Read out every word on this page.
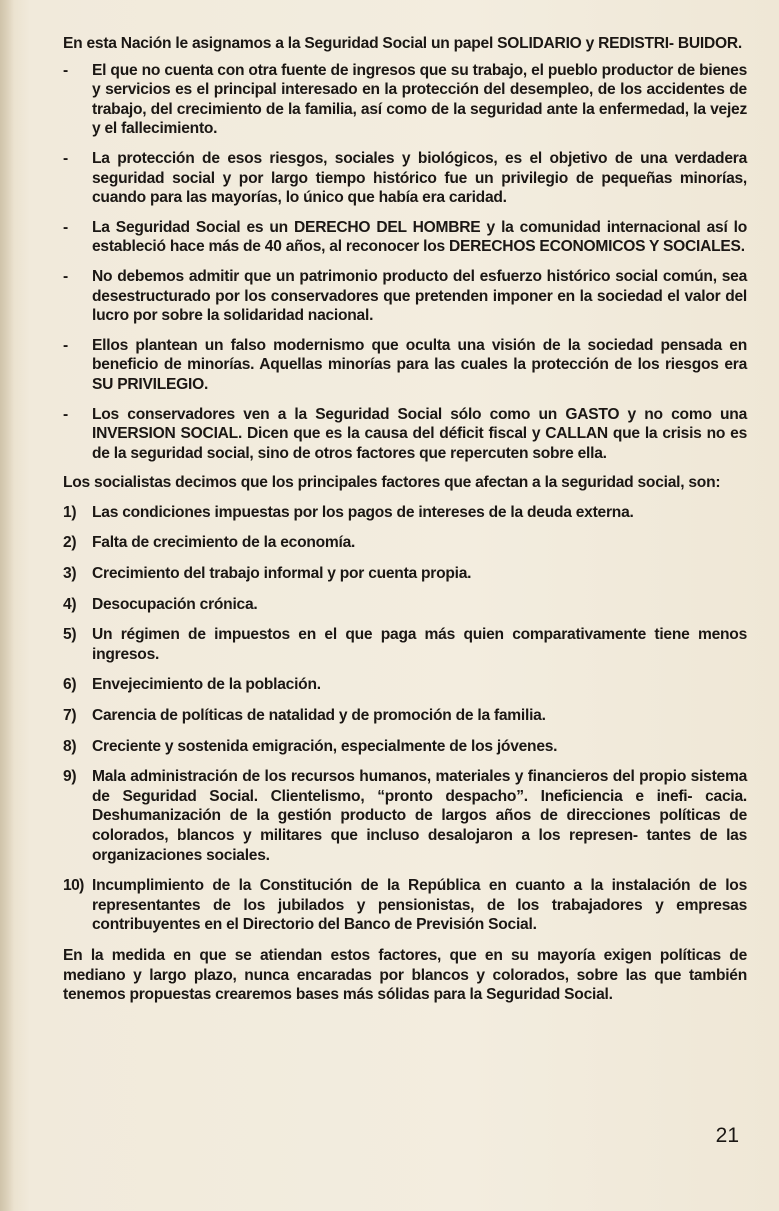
En esta Nación le asignamos a la Seguridad Social un papel SOLIDARIO y REDISTRI- BUIDOR.

-	El que no cuenta con otra fuente de ingresos que su trabajo, el pueblo productor de bienes y servicios es el principal interesado en la protección del desempleo, de los accidentes de trabajo, del crecimiento de la familia, así como de la seguridad ante la enfermedad, la vejez y el fallecimiento.
-	La protección de esos riesgos, sociales y biológicos, es el objetivo de una verdadera seguridad social y por largo tiempo histórico fue un privilegio de pequeñas minorías, cuando para las mayorías, lo único que había era caridad.
-	La Seguridad Social es un DERECHO DEL HOMBRE y la comunidad internacional así lo estableció hace más de 40 años, al reconocer los DERECHOS ECONOMICOS Y SOCIALES.
-	No debemos admitir que un patrimonio producto del esfuerzo histórico social común, sea desestructurado por los conservadores que pretenden imponer en la sociedad el valor del lucro por sobre la solidaridad nacional.
-	Ellos plantean un falso modernismo que oculta una visión de la sociedad pensada en beneficio de minorías. Aquellas minorías para las cuales la protección de los riesgos era SU PRIVILEGIO.
-	Los conservadores ven a la Seguridad Social sólo como un GASTO y no como una INVERSION SOCIAL. Dicen que es la causa del déficit fiscal y CALLAN que la crisis no es de la seguridad social, sino de otros factores que repercuten sobre ella.

Los socialistas decimos que los principales factores que afectan a la seguridad social, son:

1)	Las condiciones impuestas por los pagos de intereses de la deuda externa.
2)	Falta de crecimiento de la economía.
3)	Crecimiento del trabajo informal y por cuenta propia.
4)	Desocupación crónica.
5)	Un régimen de impuestos en el que paga más quien comparativamente tiene menos ingresos.
6)	Envejecimiento de la población.
7)	Carencia de políticas de natalidad y de promoción de la familia.
8)	Creciente y sostenida emigración, especialmente de los jóvenes.
9)	Mala administración de los recursos humanos, materiales y financieros del propio sistema de Seguridad Social. Clientelismo, “pronto despacho”. Ineficiencia e inefi- cacia. Deshumanización de la gestión producto de largos años de direcciones políticas de colorados, blancos y militares que incluso desalojaron a los represen- tantes de las organizaciones sociales.
10) Incumplimiento de la Constitución de la República en cuanto a la instalación de los representantes de los jubilados y pensionistas, de los trabajadores y empresas contribuyentes en el Directorio del Banco de Previsión Social.

En la medida en que se atiendan estos factores, que en su mayoría exigen políticas de mediano y largo plazo, nunca encaradas por blancos y colorados, sobre las que también tenemos propuestas crearemos bases más sólidas para la Seguridad Social.

21
